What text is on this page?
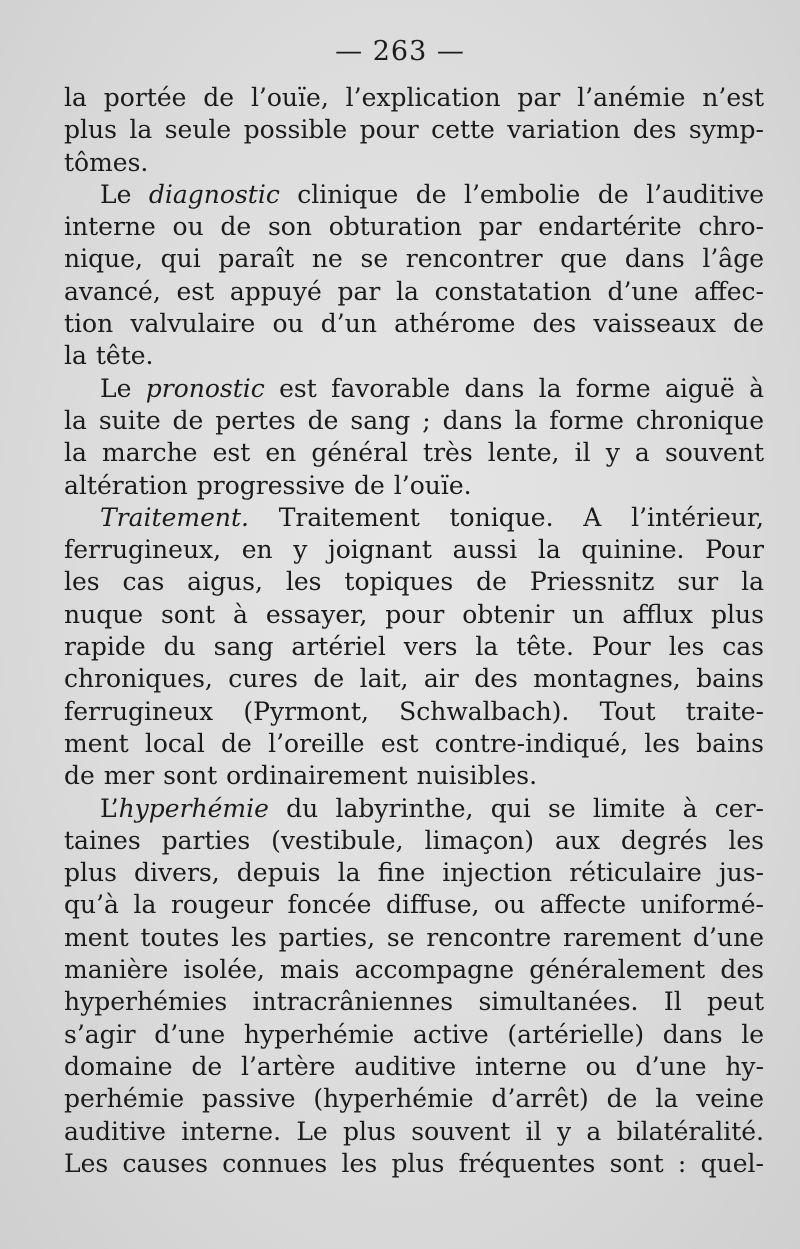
— 263 —
la portée de l’ouïe, l’explication par l’anémie n’est
plus la seule possible pour cette variation des symp-
tômes.
Le diagnostic clinique de l’embolie de l’auditive
interne ou de son obturation par endartérite chro-
nique, qui paraît ne se rencontrer que dans l’âge
avancé, est appuyé par la constatation d’une affec-
tion valvulaire ou d’un athérome des vaisseaux de
la tête.
Le pronostic est favorable dans la forme aiguë à
la suite de pertes de sang ; dans la forme chronique
la marche est en général très lente, il y a souvent
altération progressive de l’ouïe.
Traitement. Traitement tonique. A l’intérieur,
ferrugineux, en y joignant aussi la quinine. Pour
les cas aigus, les topiques de Priessnitz sur la
nuque sont à essayer, pour obtenir un afflux plus
rapide du sang artériel vers la tête. Pour les cas
chroniques, cures de lait, air des montagnes, bains
ferrugineux (Pyrmont, Schwalbach). Tout traite-
ment local de l’oreille est contre-indiqué, les bains
de mer sont ordinairement nuisibles.
L’hyperhémie du labyrinthe, qui se limite à cer-
taines parties (vestibule, limaçon) aux degrés les
plus divers, depuis la fine injection réticulaire jus-
qu’à la rougeur foncée diffuse, ou affecte uniformé-
ment toutes les parties, se rencontre rarement d’une
manière isolée, mais accompagne généralement des
hyperhémies intracrâniennes simultanées. Il peut
s’agir d’une hyperhémie active (artérielle) dans le
domaine de l’artère auditive interne ou d’une hy-
perhémie passive (hyperhémie d’arrêt) de la veine
auditive interne. Le plus souvent il y a bilatéralité.
Les causes connues les plus fréquentes sont : quel-
